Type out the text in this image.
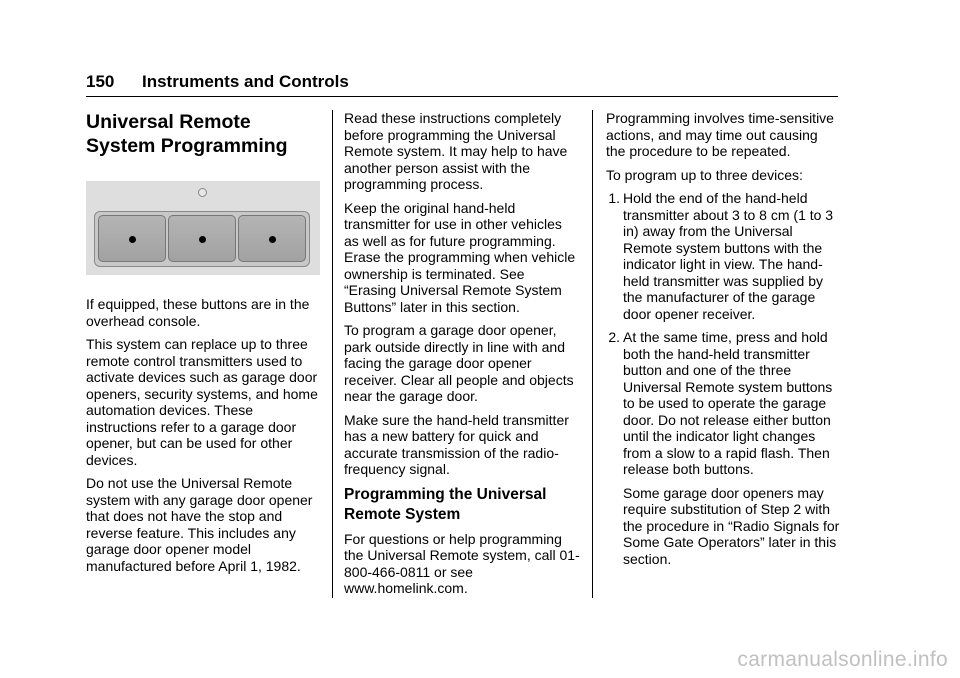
150 Instruments and Controls
Universal Remote System Programming

If equipped, these buttons are in the overhead console.

This system can replace up to three remote control transmitters used to activate devices such as garage door openers, security systems, and home automation devices. These instructions refer to a garage door opener, but can be used for other devices.

Do not use the Universal Remote system with any garage door opener that does not have the stop and reverse feature. This includes any garage door opener model manufactured before April 1, 1982.

Read these instructions completely before programming the Universal Remote system. It may help to have another person assist with the programming process.

Keep the original hand-held transmitter for use in other vehicles as well as for future programming. Erase the programming when vehicle ownership is terminated. See “Erasing Universal Remote System Buttons” later in this section.

To program a garage door opener, park outside directly in line with and facing the garage door opener receiver. Clear all people and objects near the garage door.

Make sure the hand-held transmitter has a new battery for quick and accurate transmission of the radio-frequency signal.

Programming the Universal Remote System

For questions or help programming the Universal Remote system, call 01-800-466-0811 or see www.homelink.com.

Programming involves time-sensitive actions, and may time out causing the procedure to be repeated.

To program up to three devices:

1. Hold the end of the hand-held transmitter about 3 to 8 cm (1 to 3 in) away from the Universal Remote system buttons with the indicator light in view. The hand-held transmitter was supplied by the manufacturer of the garage door opener receiver.
2. At the same time, press and hold both the hand-held transmitter button and one of the three Universal Remote system buttons to be used to operate the garage door. Do not release either button until the indicator light changes from a slow to a rapid flash. Then release both buttons.

Some garage door openers may require substitution of Step 2 with the procedure in “Radio Signals for Some Gate Operators” later in this section.

carmanualsonline.info
